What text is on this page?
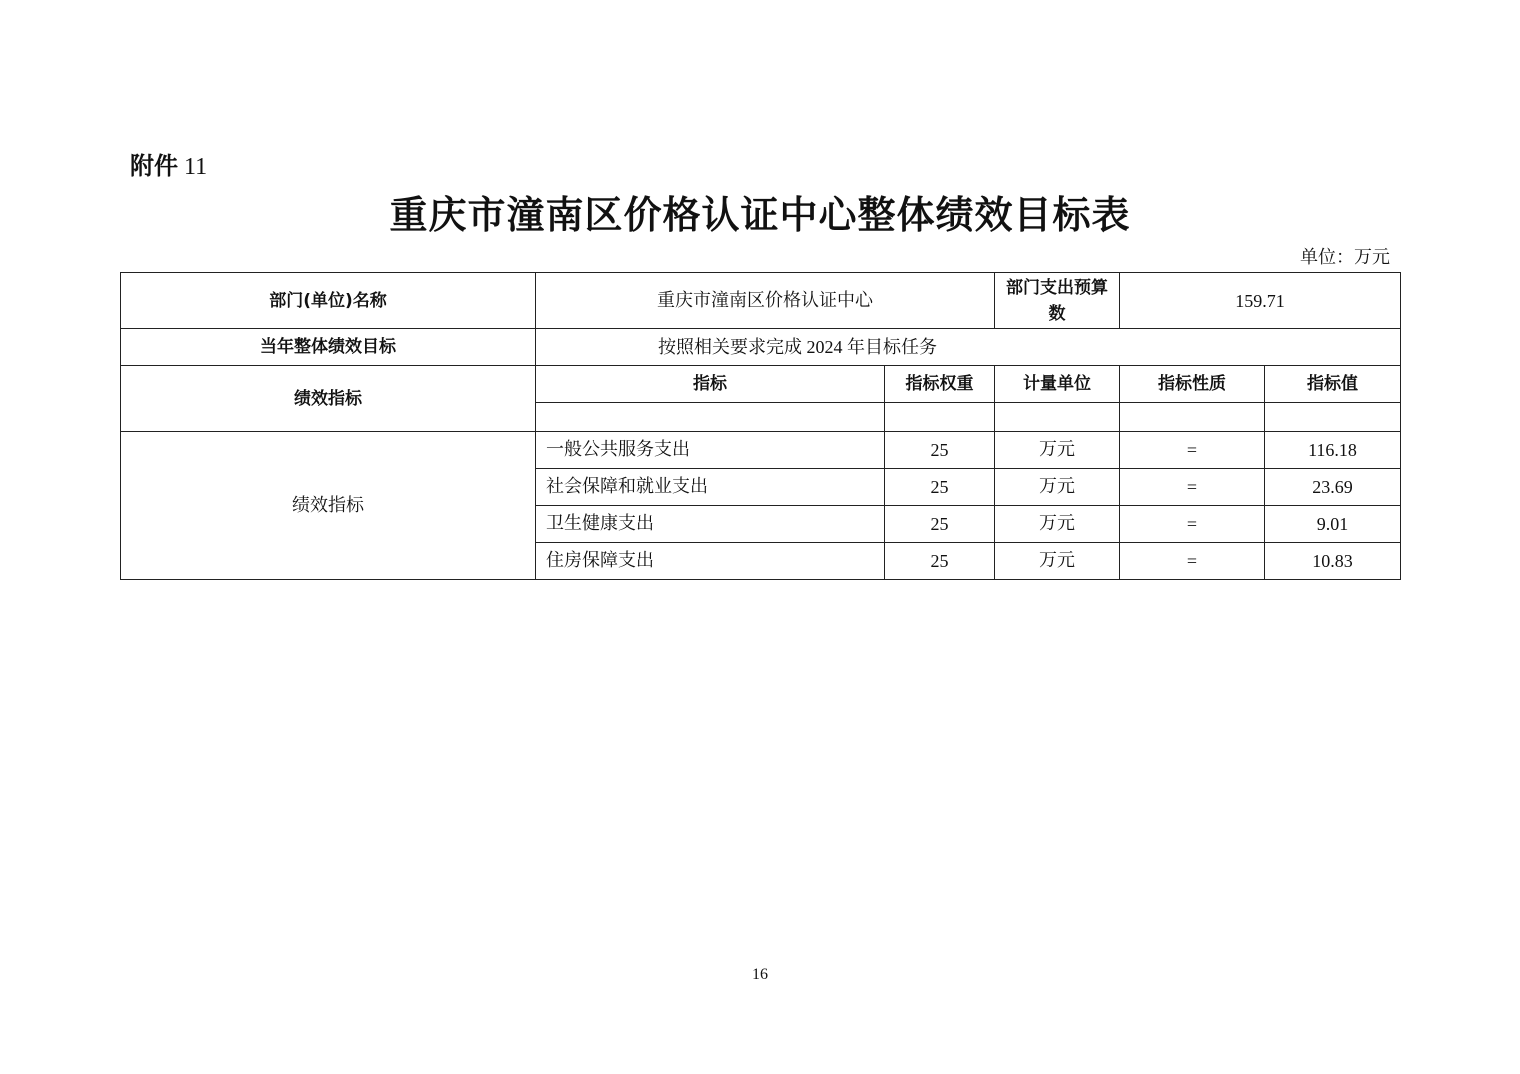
附件 11
重庆市潼南区价格认证中心整体绩效目标表
单位：万元
部门(单位)名称	重庆市潼南区价格认证中心		部门支出预算数	159.71	
当年整体绩效目标	按照相关要求完成 2024 年目标任务				
绩效指标	指标	指标权重	计量单位	指标性质	指标值

绩效指标	一般公共服务支出	25	万元	=	116.18
	社会保障和就业支出	25	万元	=	23.69
	卫生健康支出	25	万元	=	9.01
	住房保障支出	25	万元	=	10.83
16
